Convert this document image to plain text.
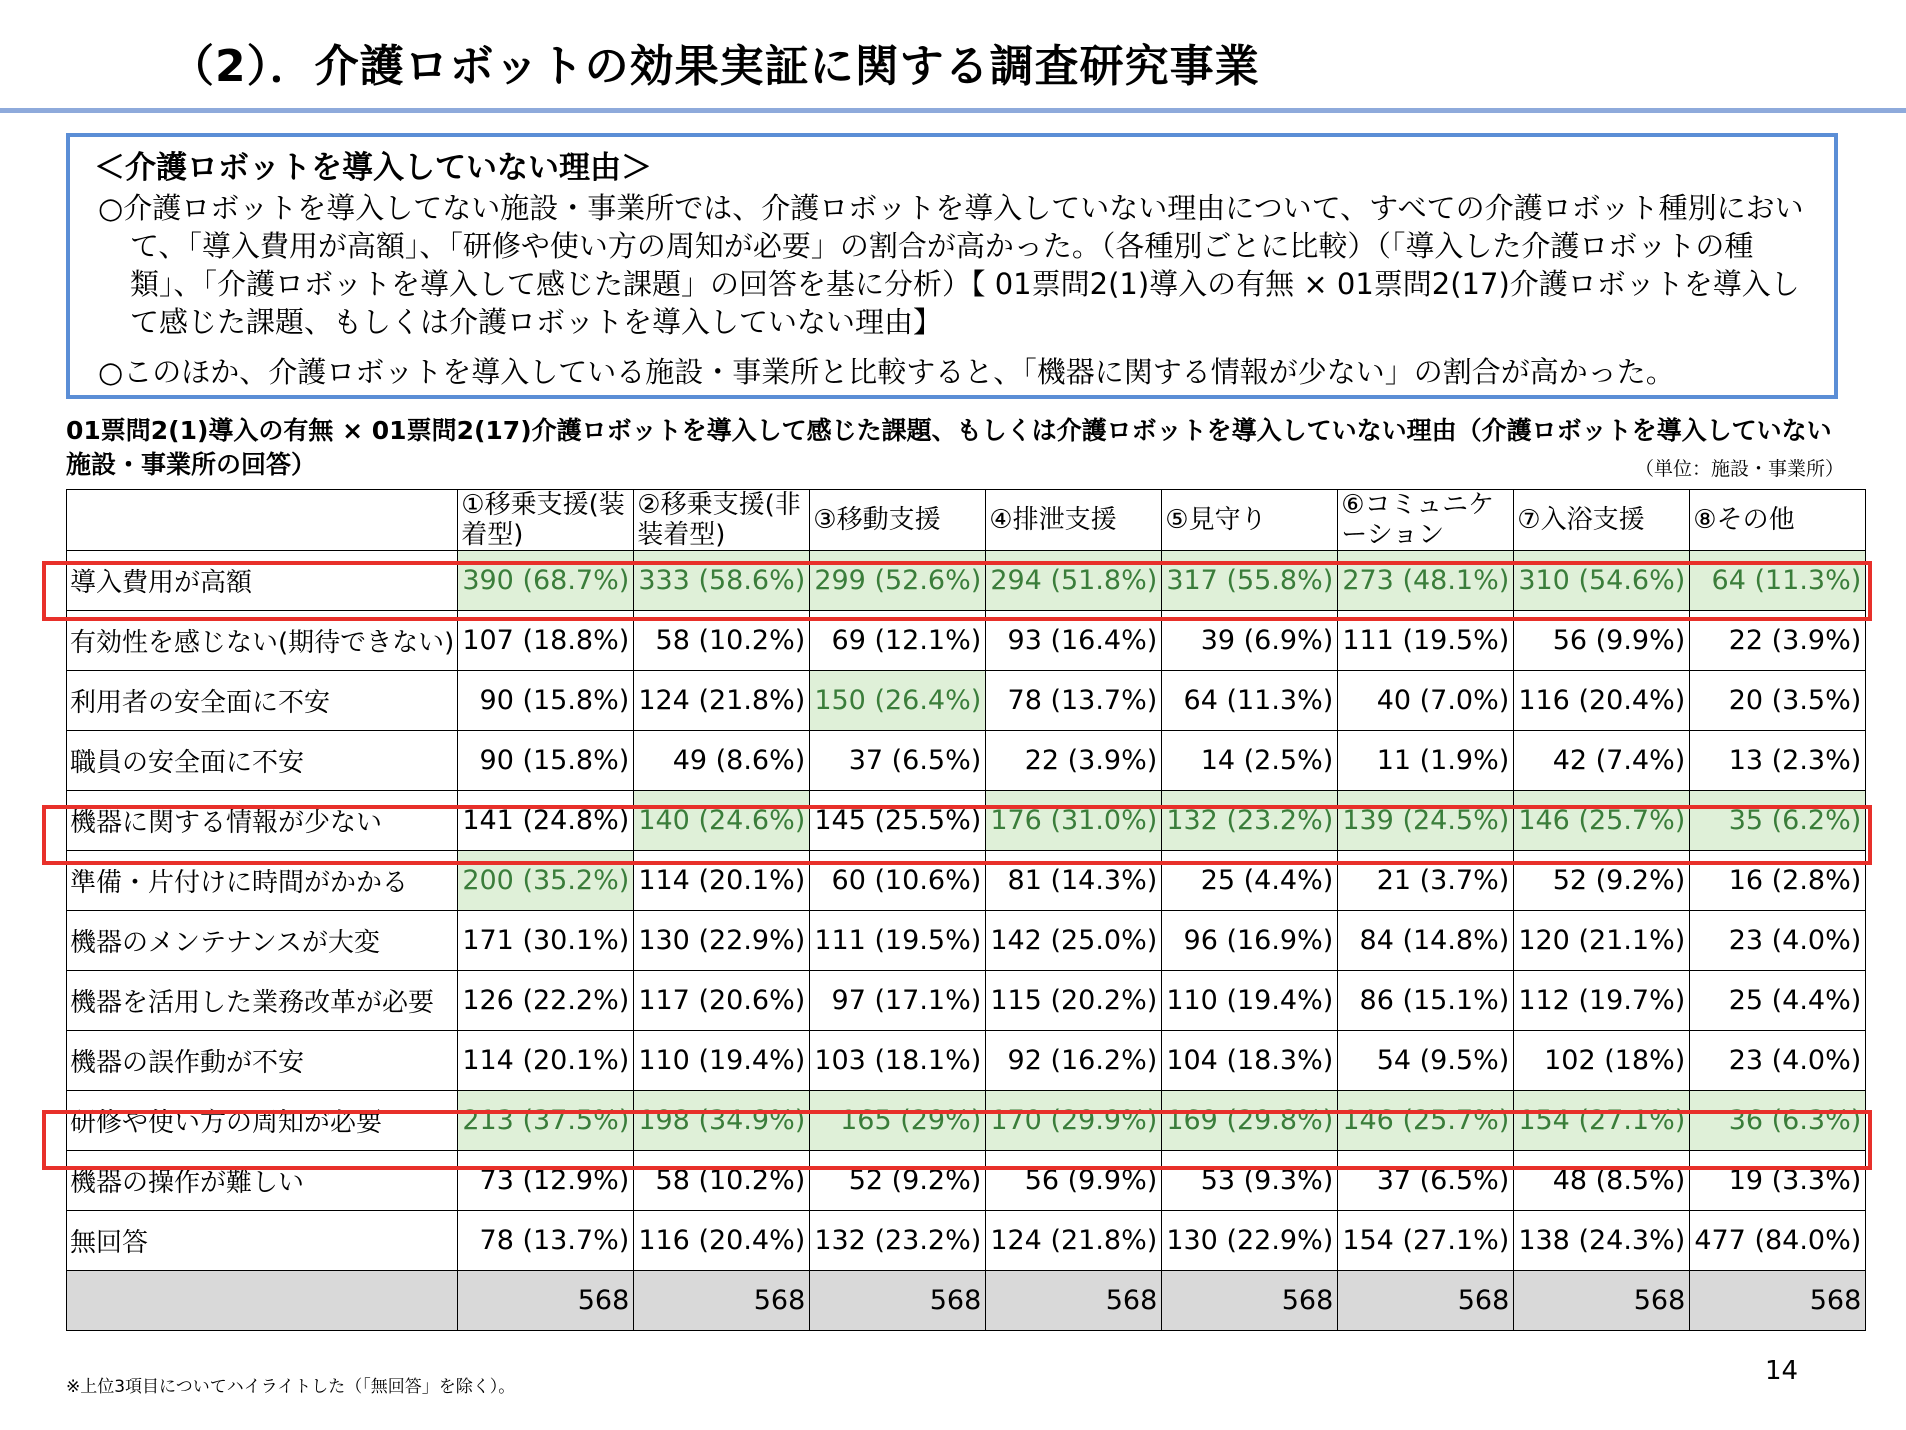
（2）．介護ロボットの効果実証に関する調査研究事業
＜介護ロボットを導入していない理由＞
○介護ロボットを導入してない施設・事業所では、介護ロボットを導入していない理由について、すべての介護ロボット種別において、「導入費用が高額」、「研修や使い方の周知が必要」の割合が高かった。（各種別ごとに比較）（「導入した介護ロボットの種類」、「介護ロボットを導入して感じた課題」の回答を基に分析）【 01票問2(1)導入の有無 × 01票問2(17)介護ロボットを導入して感じた課題、もしくは介護ロボットを導入していない理由】
○このほか、介護ロボットを導入している施設・事業所と比較すると、「機器に関する情報が少ない」の割合が高かった。
01票問2(1)導入の有無 × 01票問2(17)介護ロボットを導入して感じた課題、もしくは介護ロボットを導入していない理由（介護ロボットを導入していない施設・事業所の回答）	（単位：施設・事業所）
	①移乗支援(装着型)	②移乗支援(非装着型)	③移動支援	④排泄支援	⑤見守り	⑥コミュニケーション	⑦入浴支援	⑧その他
導入費用が高額	390 (68.7%)	333 (58.6%)	299 (52.6%)	294 (51.8%)	317 (55.8%)	273 (48.1%)	310 (54.6%)	64 (11.3%)
有効性を感じない(期待できない)	107 (18.8%)	58 (10.2%)	69 (12.1%)	93 (16.4%)	39 (6.9%)	111 (19.5%)	56 (9.9%)	22 (3.9%)
利用者の安全面に不安	90 (15.8%)	124 (21.8%)	150 (26.4%)	78 (13.7%)	64 (11.3%)	40 (7.0%)	116 (20.4%)	20 (3.5%)
職員の安全面に不安	90 (15.8%)	49 (8.6%)	37 (6.5%)	22 (3.9%)	14 (2.5%)	11 (1.9%)	42 (7.4%)	13 (2.3%)
機器に関する情報が少ない	141 (24.8%)	140 (24.6%)	145 (25.5%)	176 (31.0%)	132 (23.2%)	139 (24.5%)	146 (25.7%)	35 (6.2%)
準備・片付けに時間がかかる	200 (35.2%)	114 (20.1%)	60 (10.6%)	81 (14.3%)	25 (4.4%)	21 (3.7%)	52 (9.2%)	16 (2.8%)
機器のメンテナンスが大変	171 (30.1%)	130 (22.9%)	111 (19.5%)	142 (25.0%)	96 (16.9%)	84 (14.8%)	120 (21.1%)	23 (4.0%)
機器を活用した業務改革が必要	126 (22.2%)	117 (20.6%)	97 (17.1%)	115 (20.2%)	110 (19.4%)	86 (15.1%)	112 (19.7%)	25 (4.4%)
機器の誤作動が不安	114 (20.1%)	110 (19.4%)	103 (18.1%)	92 (16.2%)	104 (18.3%)	54 (9.5%)	102 (18%)	23 (4.0%)
研修や使い方の周知が必要	213 (37.5%)	198 (34.9%)	165 (29%)	170 (29.9%)	169 (29.8%)	146 (25.7%)	154 (27.1%)	36 (6.3%)
機器の操作が難しい	73 (12.9%)	58 (10.2%)	52 (9.2%)	56 (9.9%)	53 (9.3%)	37 (6.5%)	48 (8.5%)	19 (3.3%)
無回答	78 (13.7%)	116 (20.4%)	132 (23.2%)	124 (21.8%)	130 (22.9%)	154 (27.1%)	138 (24.3%)	477 (84.0%)
	568	568	568	568	568	568	568	568
※上位3項目についてハイライトした（「無回答」を除く）。
14
